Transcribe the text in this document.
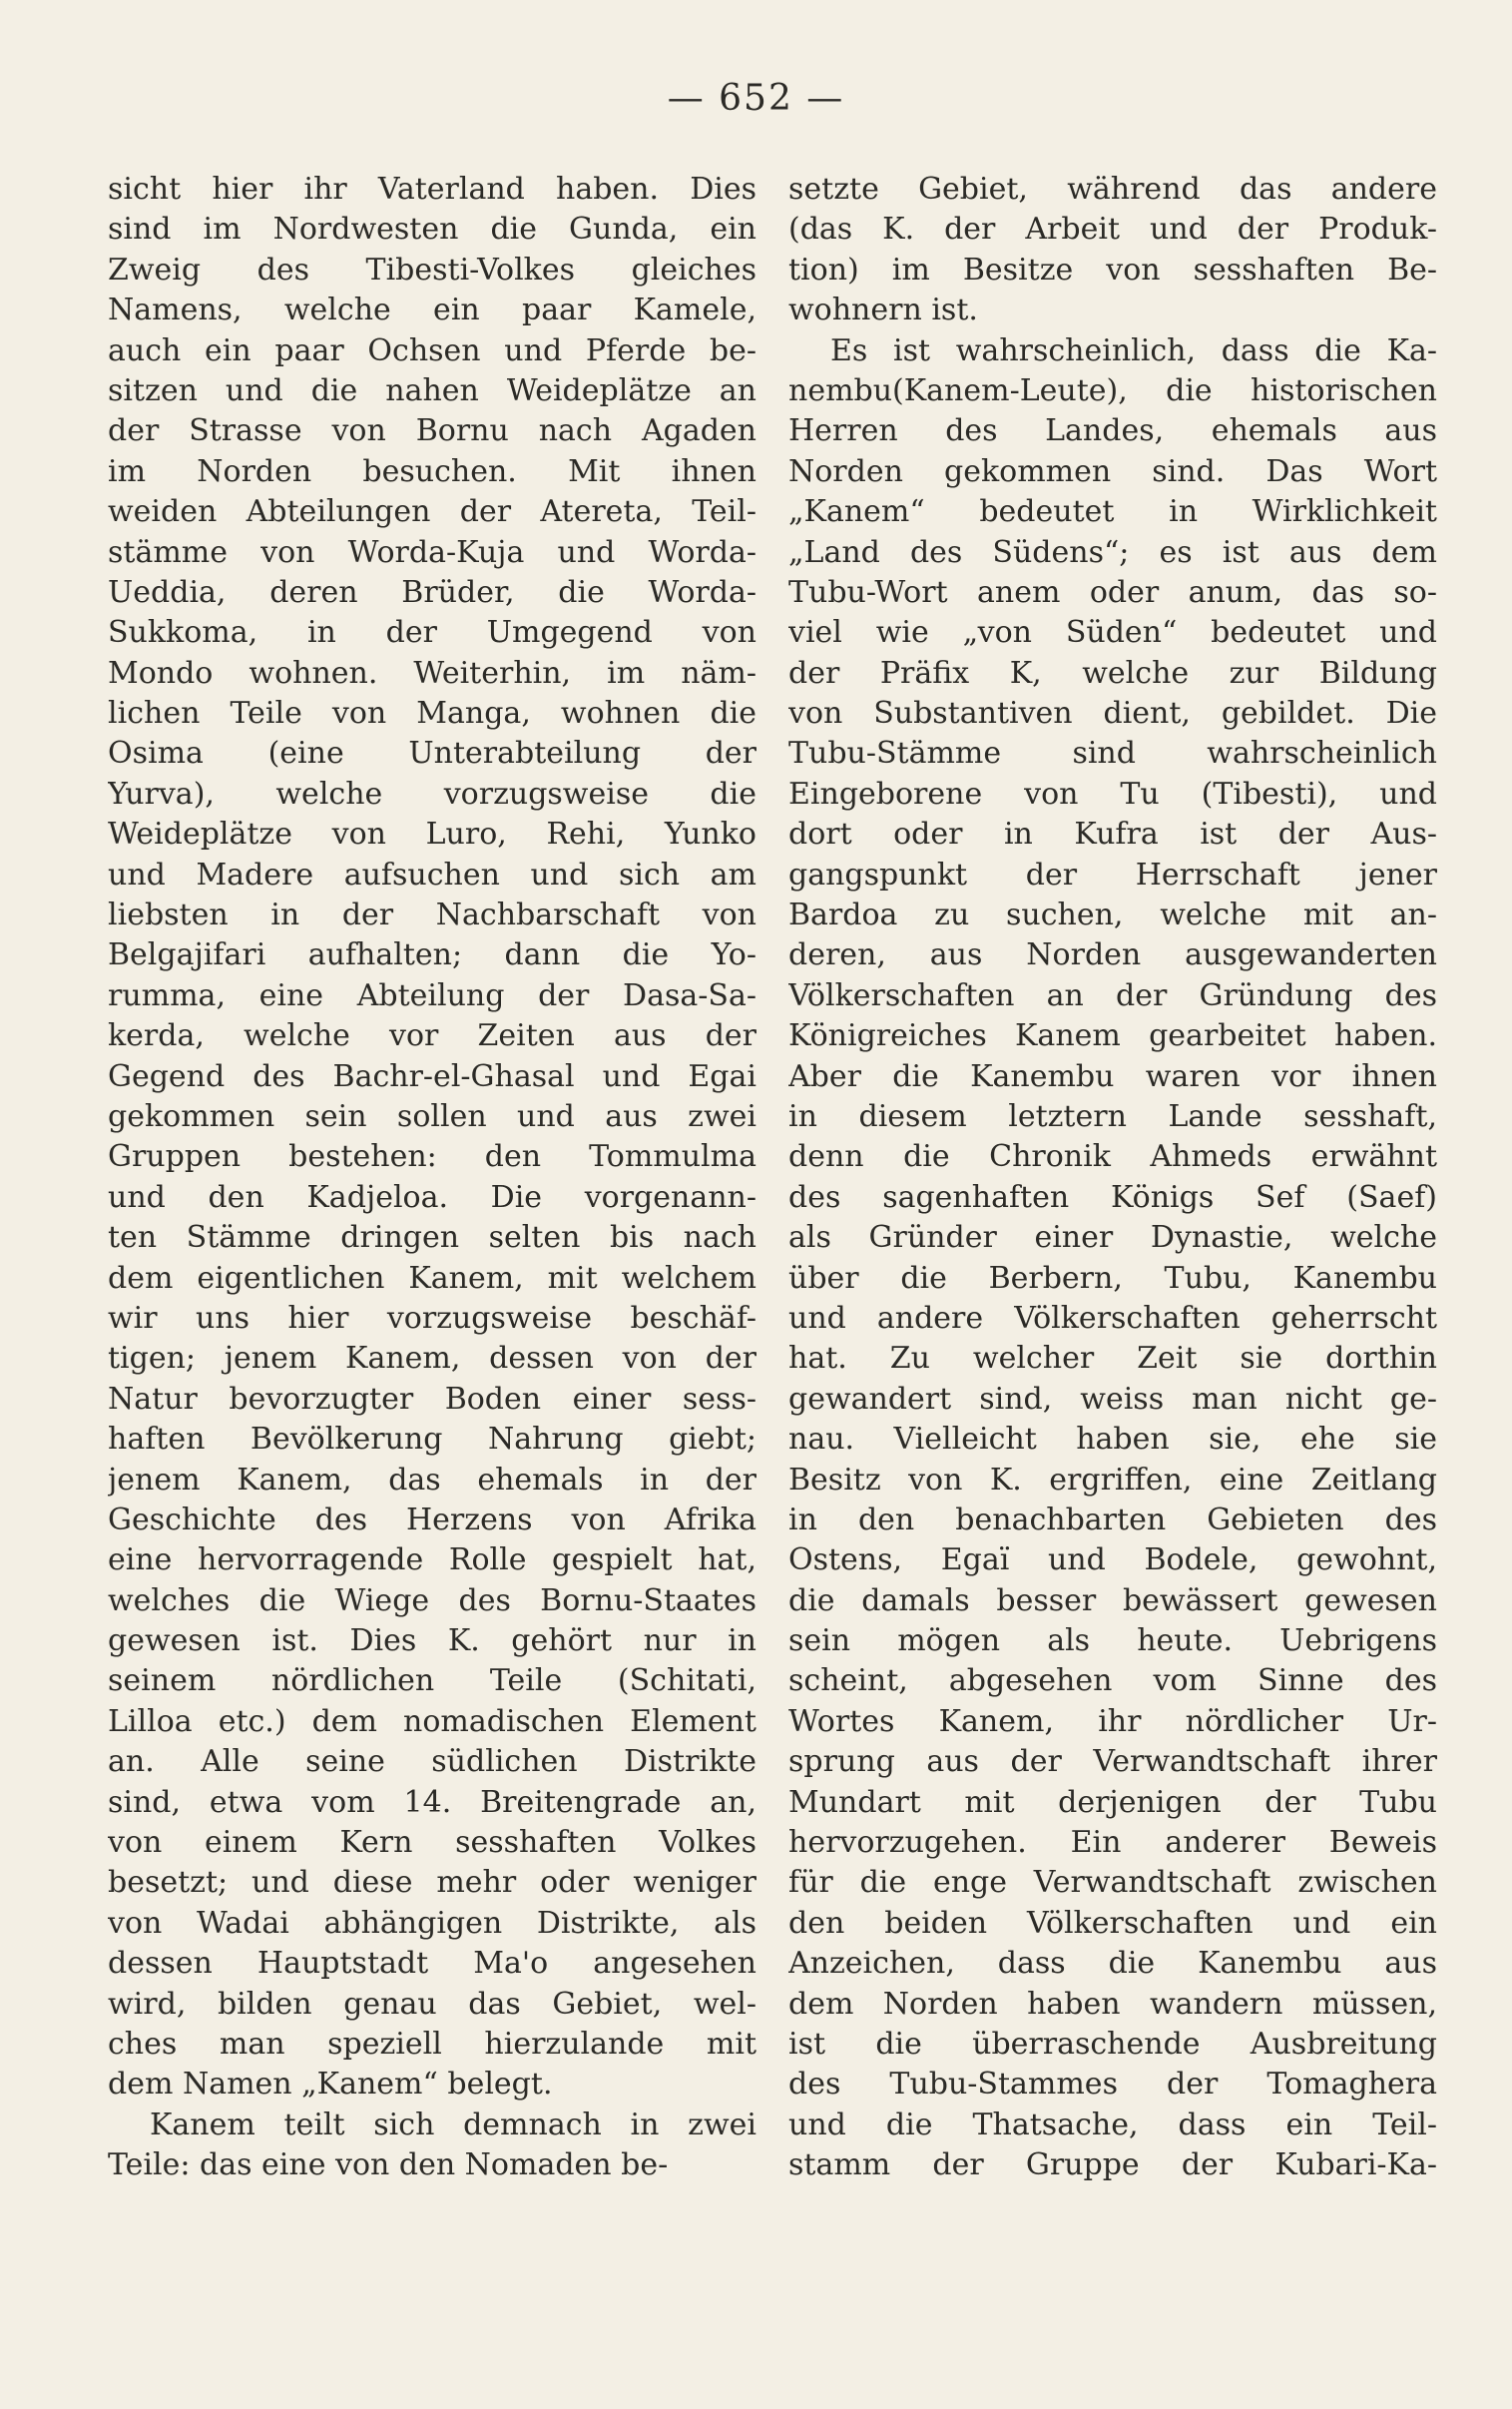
— 652 —
sicht hier ihr Vaterland haben. Dies
sind im Nordwesten die Gunda, ein
Zweig des Tibesti-Volkes gleiches
Namens, welche ein paar Kamele,
auch ein paar Ochsen und Pferde be-
sitzen und die nahen Weideplätze an
der Strasse von Bornu nach Agaden
im Norden besuchen. Mit ihnen
weiden Abteilungen der Atereta, Teil-
stämme von Worda-Kuja und Worda-
Ueddia, deren Brüder, die Worda-
Sukkoma, in der Umgegend von
Mondo wohnen. Weiterhin, im näm-
lichen Teile von Manga, wohnen die
Osima (eine Unterabteilung der
Yurva), welche vorzugsweise die
Weideplätze von Luro, Rehi, Yunko
und Madere aufsuchen und sich am
liebsten in der Nachbarschaft von
Belgajifari aufhalten; dann die Yo-
rumma, eine Abteilung der Dasa-Sa-
kerda, welche vor Zeiten aus der
Gegend des Bachr-el-Ghasal und Egai
gekommen sein sollen und aus zwei
Gruppen bestehen: den Tommulma
und den Kadjeloa. Die vorgenann-
ten Stämme dringen selten bis nach
dem eigentlichen Kanem, mit welchem
wir uns hier vorzugsweise beschäf-
tigen; jenem Kanem, dessen von der
Natur bevorzugter Boden einer sess-
haften Bevölkerung Nahrung giebt;
jenem Kanem, das ehemals in der
Geschichte des Herzens von Afrika
eine hervorragende Rolle gespielt hat,
welches die Wiege des Bornu-Staates
gewesen ist. Dies K. gehört nur in
seinem nördlichen Teile (Schitati,
Lilloa etc.) dem nomadischen Element
an. Alle seine südlichen Distrikte
sind, etwa vom 14. Breitengrade an,
von einem Kern sesshaften Volkes
besetzt; und diese mehr oder weniger
von Wadai abhängigen Distrikte, als
dessen Hauptstadt Ma'o angesehen
wird, bilden genau das Gebiet, wel-
ches man speziell hierzulande mit
dem Namen „Kanem“ belegt.
Kanem teilt sich demnach in zwei
Teile: das eine von den Nomaden be-
setzte Gebiet, während das andere
(das K. der Arbeit und der Produk-
tion) im Besitze von sesshaften Be-
wohnern ist.
Es ist wahrscheinlich, dass die Ka-
nembu(Kanem-Leute), die historischen
Herren des Landes, ehemals aus
Norden gekommen sind. Das Wort
„Kanem“ bedeutet in Wirklichkeit
„Land des Südens“; es ist aus dem
Tubu-Wort anem oder anum, das so-
viel wie „von Süden“ bedeutet und
der Präfix K, welche zur Bildung
von Substantiven dient, gebildet. Die
Tubu-Stämme sind wahrscheinlich
Eingeborene von Tu (Tibesti), und
dort oder in Kufra ist der Aus-
gangspunkt der Herrschaft jener
Bardoa zu suchen, welche mit an-
deren, aus Norden ausgewanderten
Völkerschaften an der Gründung des
Königreiches Kanem gearbeitet haben.
Aber die Kanembu waren vor ihnen
in diesem letztern Lande sesshaft,
denn die Chronik Ahmeds erwähnt
des sagenhaften Königs Sef (Saef)
als Gründer einer Dynastie, welche
über die Berbern, Tubu, Kanembu
und andere Völkerschaften geherrscht
hat. Zu welcher Zeit sie dorthin
gewandert sind, weiss man nicht ge-
nau. Vielleicht haben sie, ehe sie
Besitz von K. ergriffen, eine Zeitlang
in den benachbarten Gebieten des
Ostens, Egaï und Bodele, gewohnt,
die damals besser bewässert gewesen
sein mögen als heute. Uebrigens
scheint, abgesehen vom Sinne des
Wortes Kanem, ihr nördlicher Ur-
sprung aus der Verwandtschaft ihrer
Mundart mit derjenigen der Tubu
hervorzugehen. Ein anderer Beweis
für die enge Verwandtschaft zwischen
den beiden Völkerschaften und ein
Anzeichen, dass die Kanembu aus
dem Norden haben wandern müssen,
ist die überraschende Ausbreitung
des Tubu-Stammes der Tomaghera
und die Thatsache, dass ein Teil-
stamm der Gruppe der Kubari-Ka-
